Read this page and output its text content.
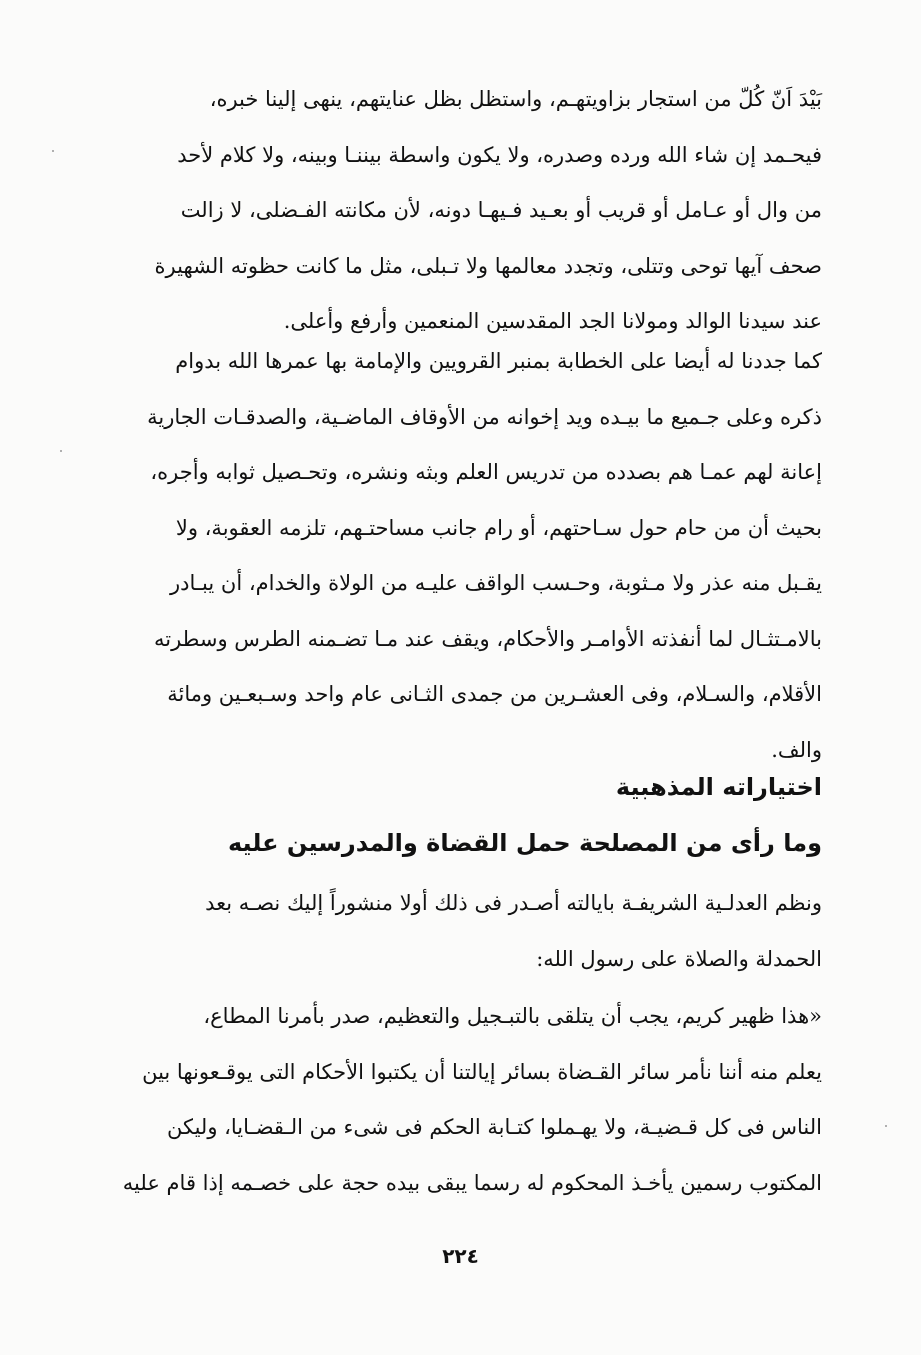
بَيْدَ اَنّ كُلّ من استجار بزاويتهـم، واستظل بظل عنايتهم، ينهى إلينا خبره،
فيحـمد إن شاء الله ورده وصدره، ولا يكون واسطة بيننـا وبينه، ولا كلام لأحد
من وال أو عـامل أو قريب أو بعـيد فـيهـا دونه، لأن مكانته الفـضلى، لا زالت
صحف آيها توحى وتتلى، وتجدد معالمها ولا تـبلى، مثل ما كانت حظوته الشهيرة
عند سيدنا الوالد ومولانا الجد المقدسين المنعمين وأرفع وأعلى.
كما جددنا له أيضا على الخطابة بمنبر القرويين والإمامة بها عمرها الله بدوام
ذكره وعلى جـميع ما بيـده ويد إخوانه من الأوقاف الماضـية، والصدقـات الجارية
إعانة لهم عمـا هم بصدده من تدريس العلم وبثه ونشره، وتحـصيل ثوابه وأجره،
بحيث أن من حام حول سـاحتهم، أو رام جانب مساحتـهم، تلزمه العقوبة، ولا
يقـبل منه عذر ولا مـثوبة، وحـسب الواقف عليـه من الولاة والخدام، أن يبـادر
بالامـتثـال لما أنفذته الأوامـر والأحكام، ويقف عند مـا تضـمنه الطرس وسطرته
الأقلام، والسـلام، وفى العشـرين من جمدى الثـانى عام واحد وسـبعـين ومائة
والف.
اختياراته المذهبية
وما رأى من المصلحة حمل القضاة والمدرسين عليه
ونظم العدلـية الشريفـة بايالته أصـدر فى ذلك أولا منشوراً إليك نصـه بعد
الحمدلة والصلاة على رسول الله:
«هذا ظهير كريم، يجب أن يتلقى بالتبـجيل والتعظيم، صدر بأمرنا المطاع،
يعلم منه أننا نأمر سائر القـضاة بسائر إيالتنا أن يكتبوا الأحكام التى يوقـعونها بين
الناس فى كل قـضيـة، ولا يهـملوا كتـابة الحكم فى شىء من الـقضـايا، وليكن
المكتوب رسمين يأخـذ المحكوم له رسما يبقى بيده حجة على خصـمه إذا قام عليه
٢٢٤
